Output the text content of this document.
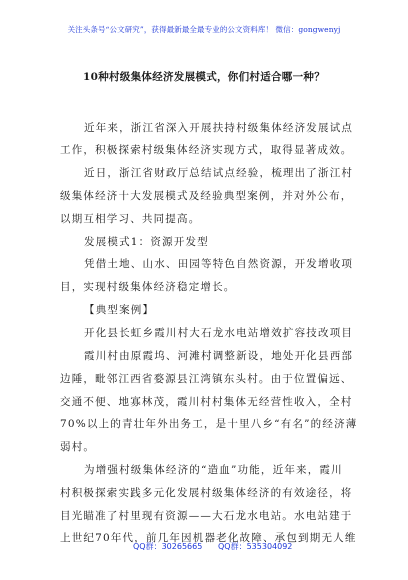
关注头条号“公文研究”，获得最新最全最专业的公文资料库！ 微信：gongwenyj
10种村级集体经济发展模式，你们村适合哪一种？
近年来，浙江省深入开展扶持村级集体经济发展试点
工作，积极探索村级集体经济实现方式，取得显著成效。
近日，浙江省财政厅总结试点经验，梳理出了浙江村
级集体经济十大发展模式及经验典型案例，并对外公布，
以期互相学习、共同提高。
发展模式1：资源开发型
凭借土地、山水、田园等特色自然资源，开发增收项
目，实现村级集体经济稳定增长。
【典型案例】
开化县长虹乡霞川村大石龙水电站增效扩容技改项目
霞川村由原霞坞、河滩村调整新设，地处开化县西部
边陲，毗邻江西省婺源县江湾镇东头村。由于位置偏远、
交通不便、地寡林茂，霞川村村集体无经营性收入，全村
70%以上的青壮年外出务工，是十里八乡“有名”的经济薄
弱村。
为增强村级集体经济的“造血”功能，近年来，霞川
村积极探索实践多元化发展村级集体经济的有效途径，将
目光瞄准了村里现有资源——大石龙水电站。水电站建于
上世纪70年代，前几年因机器老化故障、承包到期无人维
QQ群：30265665 QQ群：535304092
